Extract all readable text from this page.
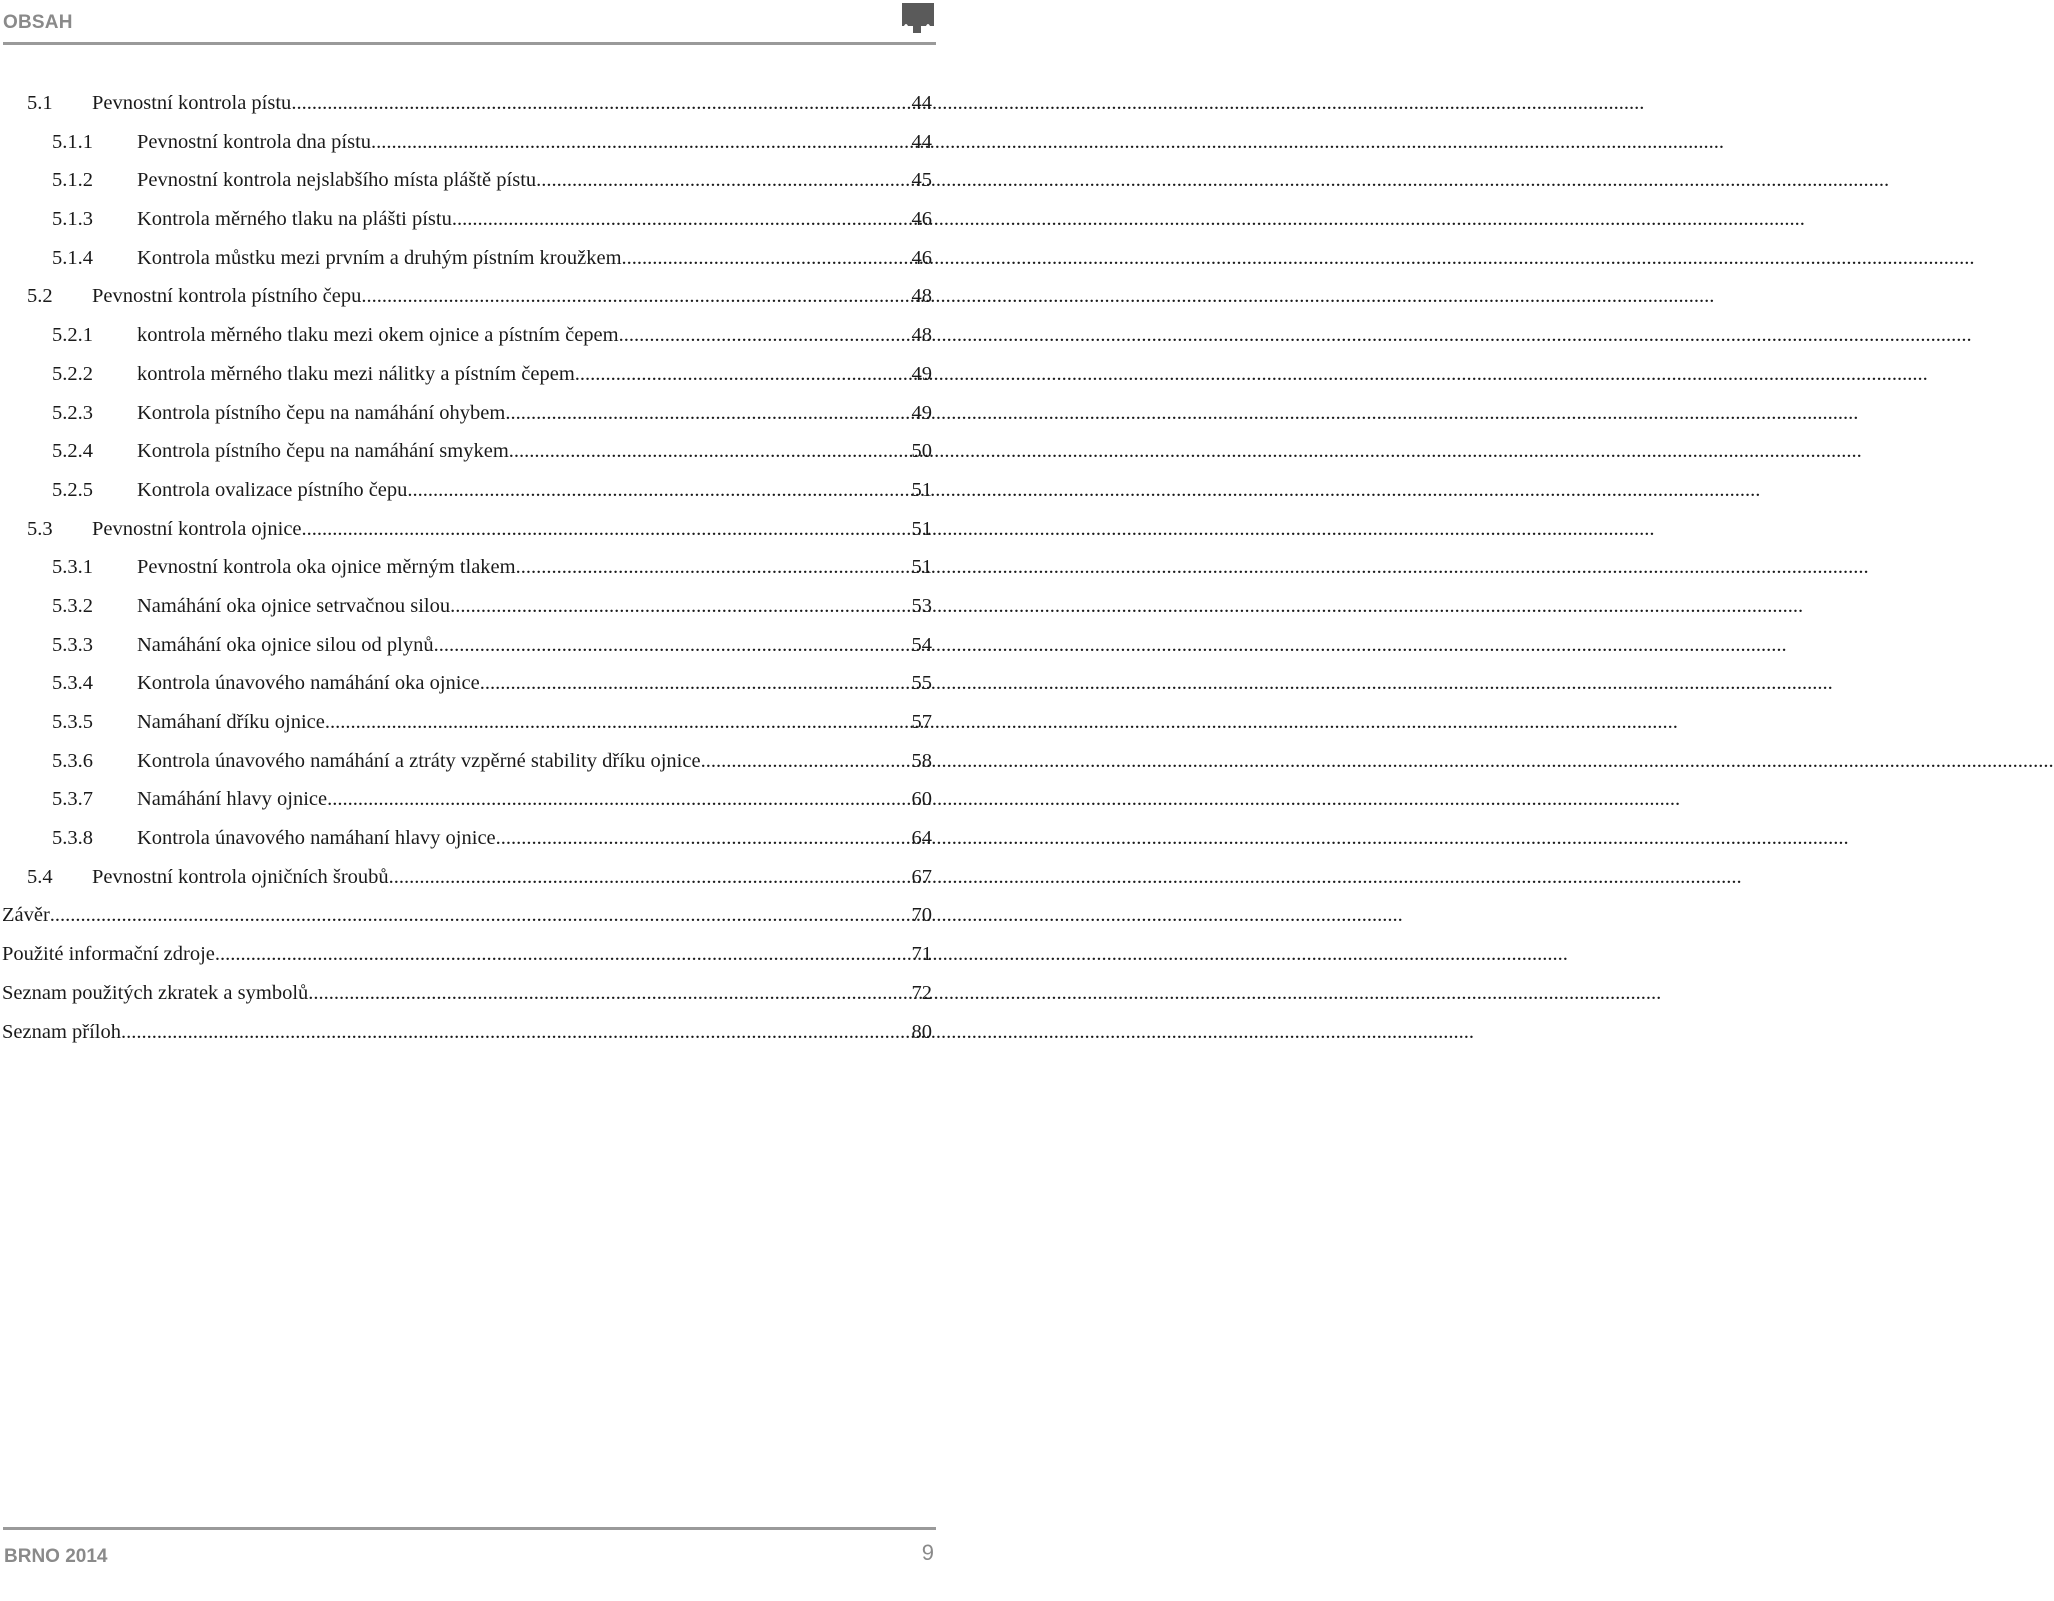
OBSAH
5.1 Pevnostní kontrola pístu .....	44
5.1.1 Pevnostní kontrola dna pístu .....	44
5.1.2 Pevnostní kontrola nejslabšího místa pláště pístu .....	45
5.1.3 Kontrola měrného tlaku na plášti pístu .....	46
5.1.4 Kontrola můstku mezi prvním a druhým pístním kroužkem .....	46
5.2 Pevnostní kontrola pístního čepu .....	48
5.2.1 kontrola měrného tlaku mezi okem ojnice a pístním čepem .....	48
5.2.2 kontrola měrného tlaku mezi nálitky a pístním čepem .....	49
5.2.3 Kontrola pístního čepu na namáhání ohybem .....	49
5.2.4 Kontrola pístního čepu na namáhání smykem .....	50
5.2.5 Kontrola ovalizace pístního čepu .....	51
5.3 Pevnostní kontrola ojnice .....	51
5.3.1 Pevnostní kontrola oka ojnice měrným tlakem .....	51
5.3.2 Namáhání oka ojnice setrvačnou silou .....	53
5.3.3 Namáhání oka ojnice silou od plynů .....	54
5.3.4 Kontrola únavového namáhání oka ojnice .....	55
5.3.5 Namáhaní dříku ojnice .....	57
5.3.6 Kontrola únavového namáhání a ztráty vzpěrné stability dříku ojnice .....	58
5.3.7 Namáhání hlavy ojnice .....	60
5.3.8 Kontrola únavového namáhaní hlavy ojnice .....	64
5.4 Pevnostní kontrola ojničních šroubů .....	67
Závěr .....	70
Použité informační zdroje .....	71
Seznam použitých zkratek a symbolů .....	72
Seznam příloh .....	80
BRNO 2014	9
